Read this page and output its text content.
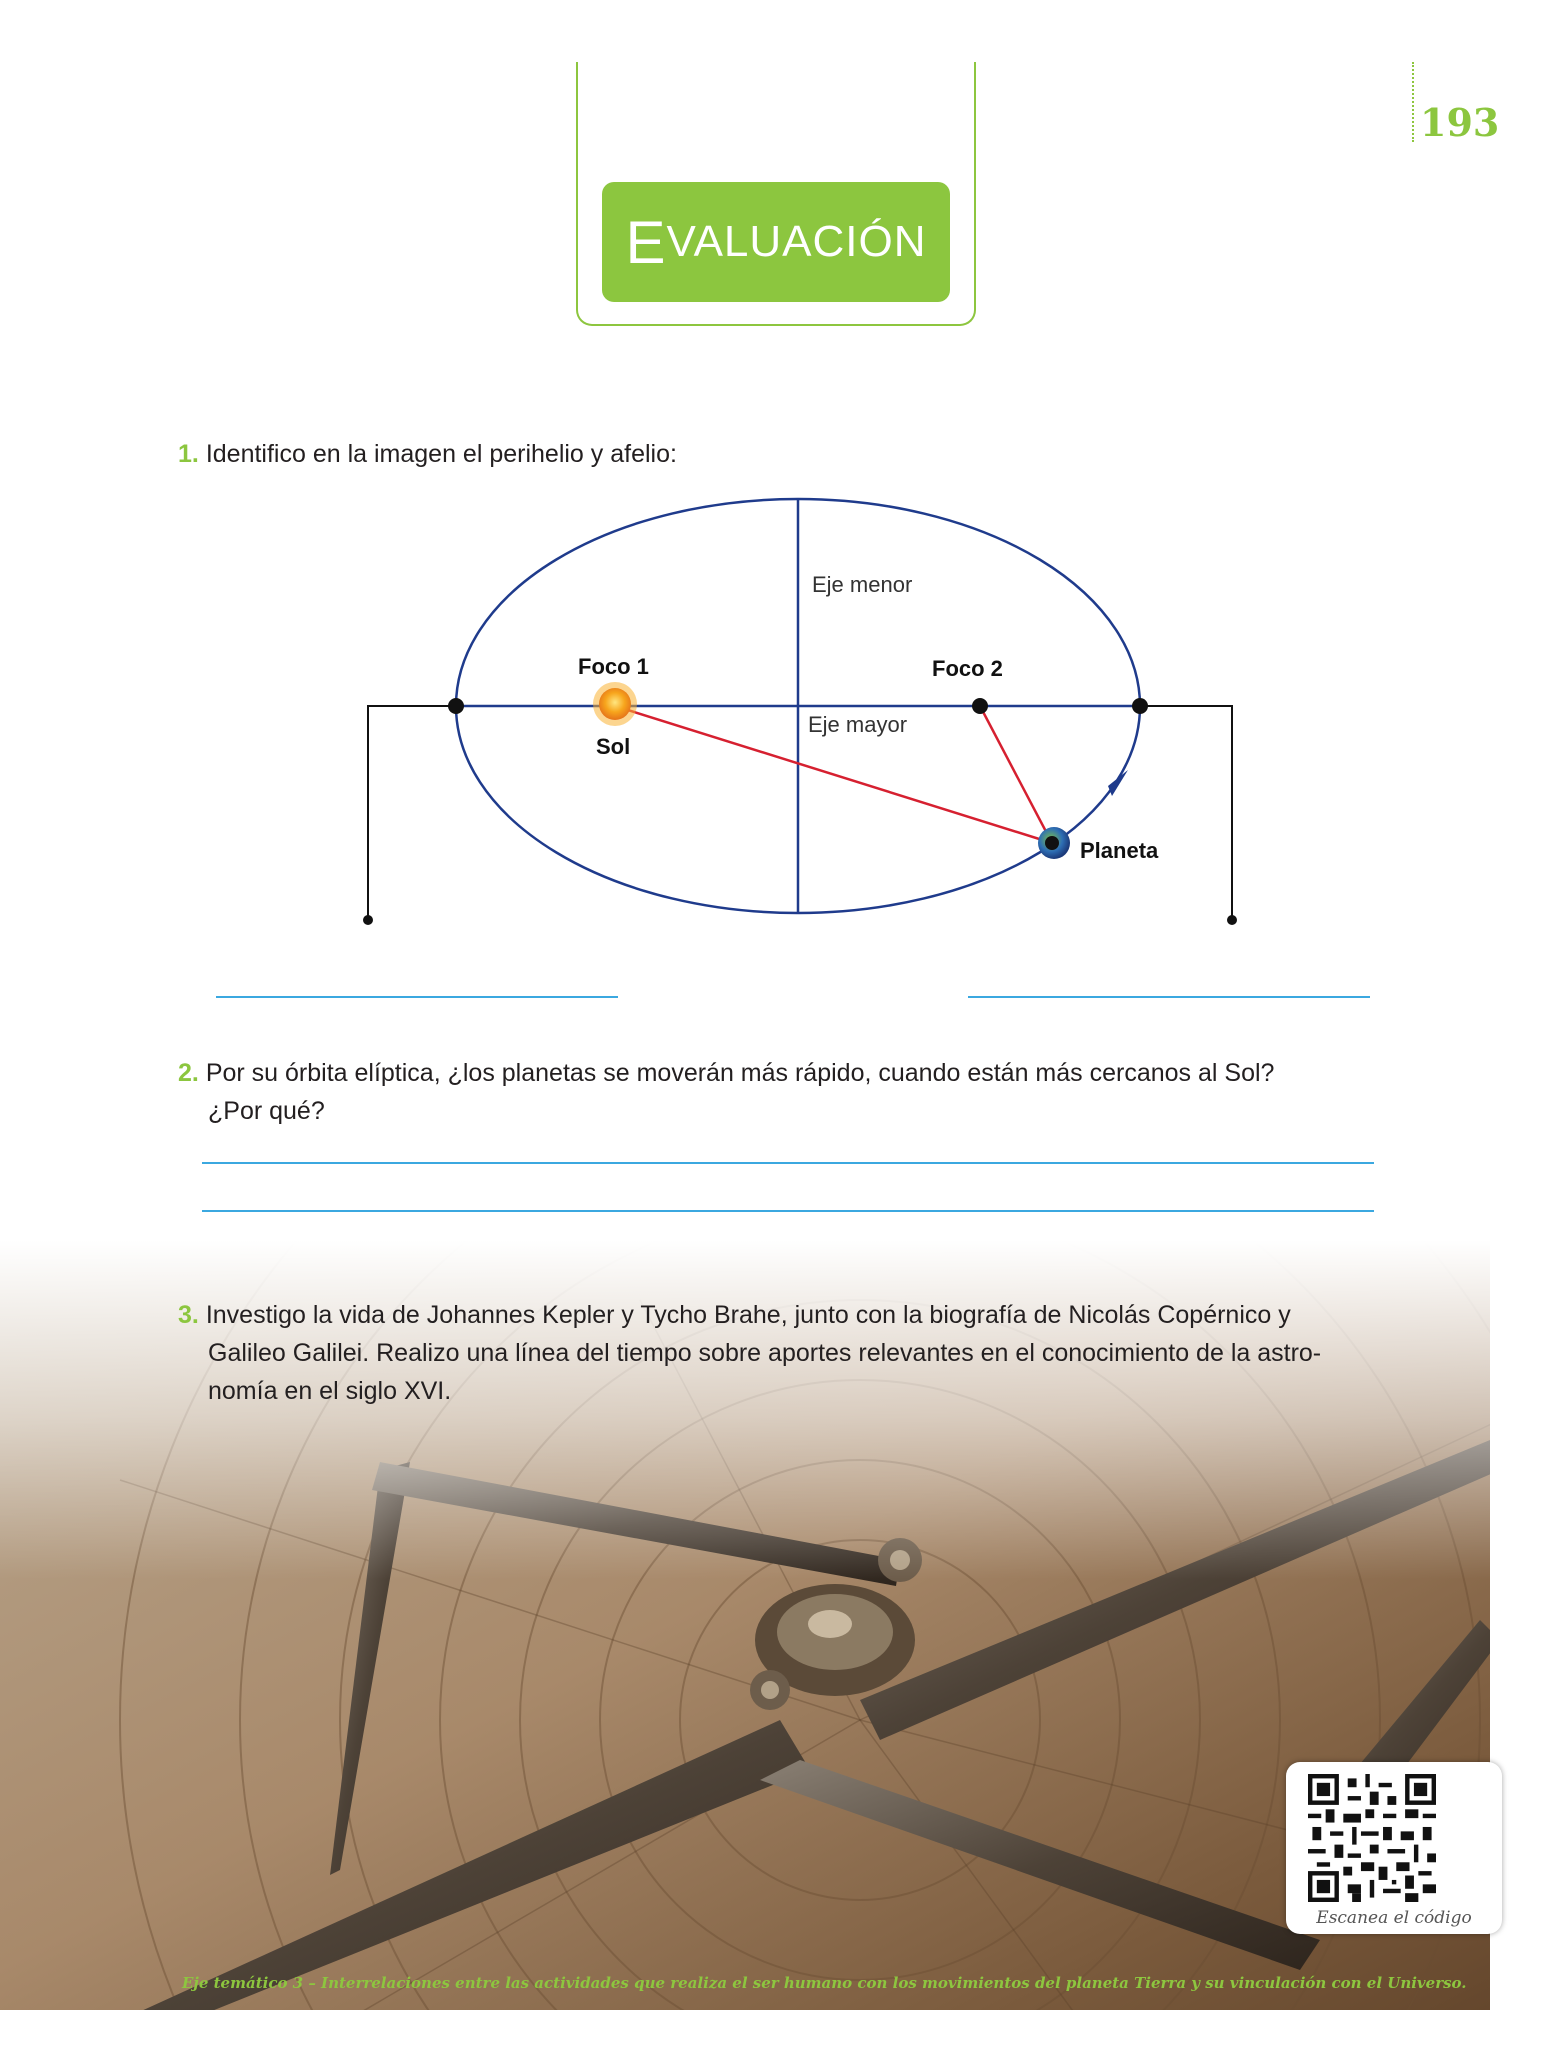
E VALUACIÓN
193
1. Identifico en la imagen el perihelio y afelio:
Eje menor
Eje mayor
Foco 1	Foco 2
Sol
Planeta
2. Por su órbita elíptica, ¿los planetas se moverán más rápido, cuando están más cercanos al Sol?
¿Por qué?
3. Investigo la vida de Johannes Kepler y Tycho Brahe, junto con la biografía de Nicolás Copérnico y
Galileo Galilei. Realizo una línea del tiempo sobre aportes relevantes en el conocimiento de la astro-
nomía en el siglo XVI.
Escanea el código
Eje temático 3 – Interrelaciones entre las actividades que realiza el ser humano con los movimientos del planeta Tierra y su vinculación con el Universo.
